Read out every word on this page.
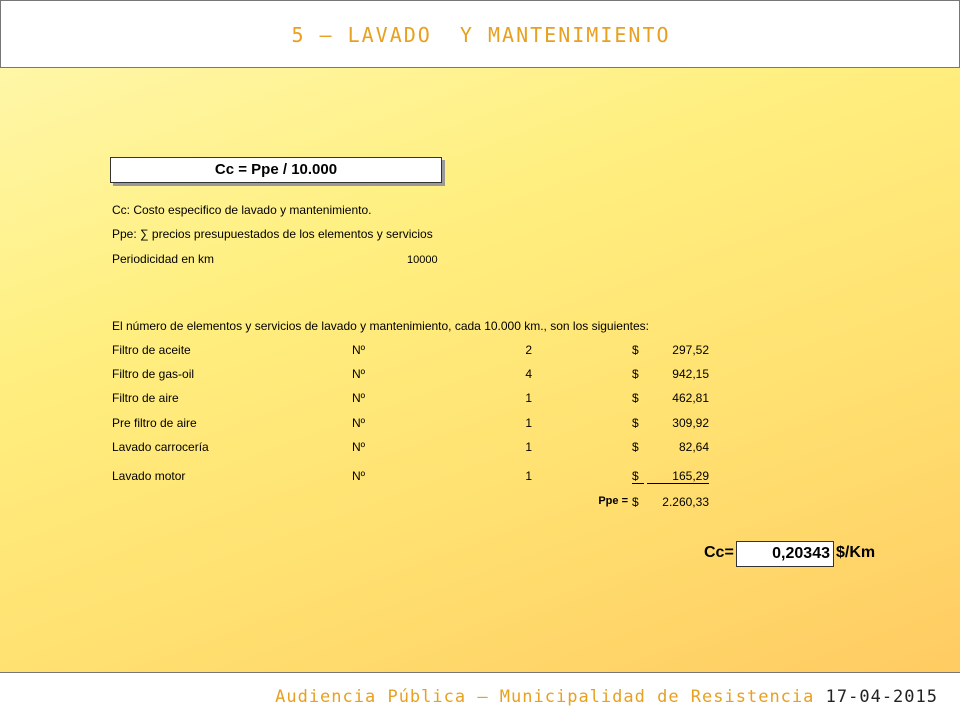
5 – LAVADO  Y MANTENIMIENTO
Cc = Ppe / 10.000
Cc: Costo especifico de lavado y mantenimiento.
Ppe: ∑ precios presupuestados de los elementos y servicios
Periodicidad en km	10000
El número de elementos y servicios de lavado y mantenimiento, cada 10.000 km., son los siguientes:
Filtro de aceite	Nº	2	$	297,52
Filtro de gas-oil	Nº	4	$	942,15
Filtro de aire	Nº	1	$	462,81
Pre filtro de aire	Nº	1	$	309,92
Lavado carrocería	Nº	1	$	82,64
Lavado motor	Nº	1	$	165,29
Ppe = $	2.260,33
Cc=	0,20343 $/Km
Audiencia Pública – Municipalidad de Resistencia 17-04-2015
